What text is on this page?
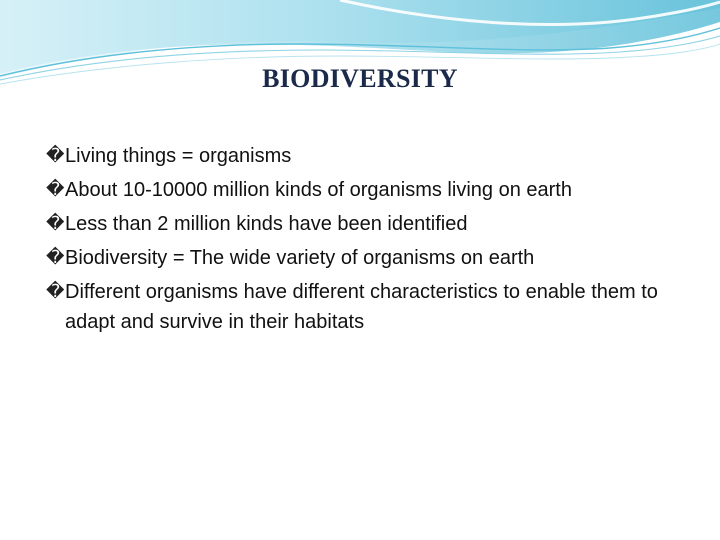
BIODIVERSITY
� Living things = organisms
� About 10-10000 million kinds of organisms living on earth
� Less than 2 million kinds have been identified
� Biodiversity = The wide variety of organisms on earth
� Different organisms have different characteristics to enable them to adapt and survive in their habitats
